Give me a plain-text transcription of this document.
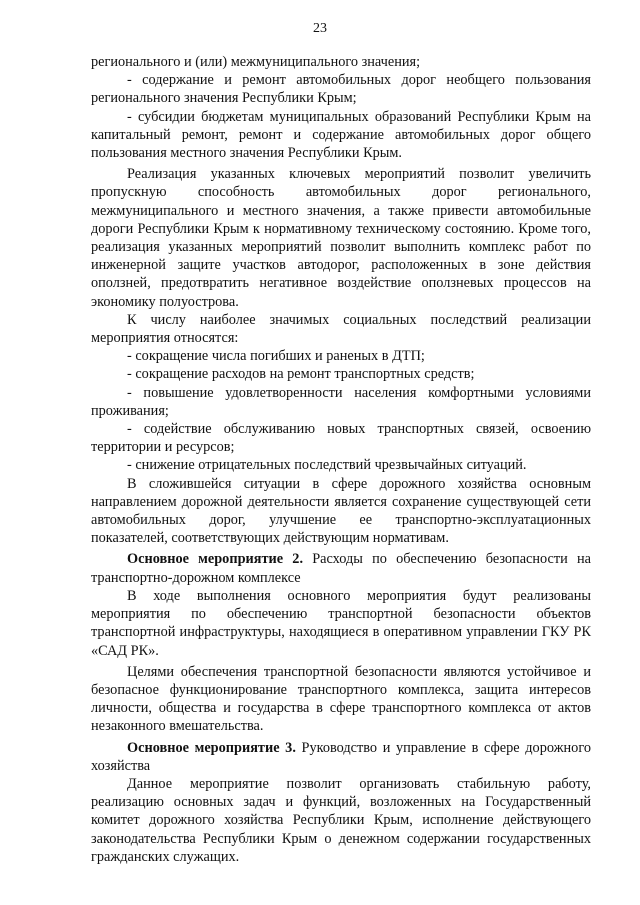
23

регионального и (или) межмуниципального значения;

- содержание и ремонт автомобильных дорог необщего пользования регионального значения Республики Крым;

- субсидии бюджетам муниципальных образований Республики Крым на капитальный ремонт, ремонт и содержание автомобильных дорог общего пользования местного значения Республики Крым.

Реализация указанных ключевых мероприятий позволит увеличить пропускную способность автомобильных дорог регионального, межмуниципального и местного значения, а также привести автомобильные дороги Республики Крым к нормативному техническому состоянию. Кроме того, реализация указанных мероприятий позволит выполнить комплекс работ по инженерной защите участков автодорог, расположенных в зоне действия оползней, предотвратить негативное воздействие оползневых процессов на экономику полуострова.

К числу наиболее значимых социальных последствий реализации мероприятия относятся:

- сокращение числа погибших и раненых в ДТП;

- сокращение расходов на ремонт транспортных средств;

- повышение удовлетворенности населения комфортными условиями проживания;

- содействие обслуживанию новых транспортных связей, освоению территории и ресурсов;

- снижение отрицательных последствий чрезвычайных ситуаций.

В сложившейся ситуации в сфере дорожного хозяйства основным направлением дорожной деятельности является сохранение существующей сети автомобильных дорог, улучшение ее транспортно-эксплуатационных показателей, соответствующих действующим нормативам.

Основное мероприятие 2. Расходы по обеспечению безопасности на транспортно-дорожном комплексе

В ходе выполнения основного мероприятия будут реализованы мероприятия по обеспечению транспортной безопасности объектов транспортной инфраструктуры, находящиеся в оперативном управлении ГКУ РК «САД РК».

Целями обеспечения транспортной безопасности являются устойчивое и безопасное функционирование транспортного комплекса, защита интересов личности, общества и государства в сфере транспортного комплекса от актов незаконного вмешательства.

Основное мероприятие 3. Руководство и управление в сфере дорожного хозяйства

Данное мероприятие позволит организовать стабильную работу, реализацию основных задач и функций, возложенных на Государственный комитет дорожного хозяйства Республики Крым, исполнение действующего законодательства Республики Крым о денежном содержании государственных гражданских служащих.
